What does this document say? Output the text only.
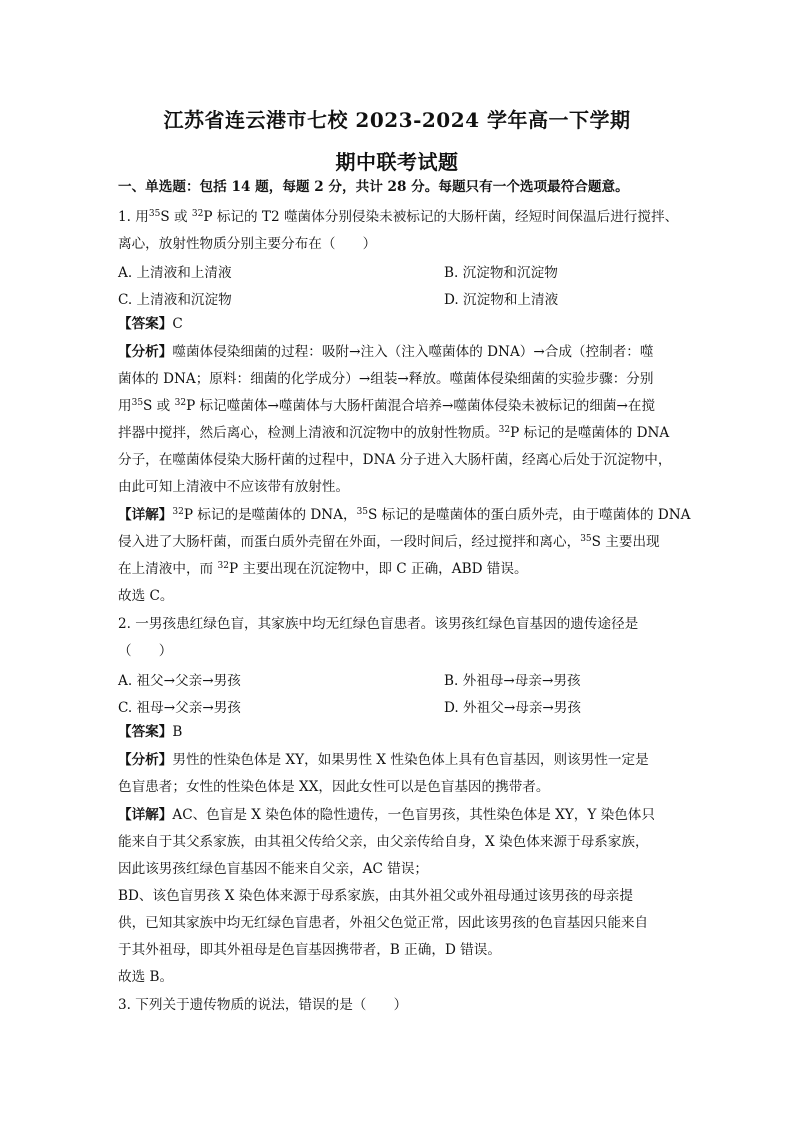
江苏省连云港市七校 2023-2024 学年高一下学期
期中联考试题
一、单选题：包括 14 题，每题 2 分，共计 28 分。每题只有一个选项最符合题意。
1. 用$^{35}$S 或 $^{32}$P 标记的 T2 噬菌体分别侵染未被标记的大肠杆菌，经短时间保温后进行搅拌、
离心，放射性物质分别主要分布在（　　）
A. 上清液和上清液	B. 沉淀物和沉淀物
C. 上清液和沉淀物	D. 沉淀物和上清液
【答案】C
【分析】噬菌体侵染细菌的过程：吸附→注入（注入噬菌体的 DNA）→合成（控制者：噬
菌体的 DNA；原料：细菌的化学成分）→组装→释放。噬菌体侵染细菌的实验步骤：分别
用$^{35}$S 或 $^{32}$P 标记噬菌体→噬菌体与大肠杆菌混合培养→噬菌体侵染未被标记的细菌→在搅
拌器中搅拌，然后离心，检测上清液和沉淀物中的放射性物质。$^{32}$P 标记的是噬菌体的 DNA
分子，在噬菌体侵染大肠杆菌的过程中，DNA 分子进入大肠杆菌，经离心后处于沉淀物中，
由此可知上清液中不应该带有放射性。
【详解】$^{32}$P 标记的是噬菌体的 DNA，$^{35}$S 标记的是噬菌体的蛋白质外壳，由于噬菌体的 DNA
侵入进了大肠杆菌，而蛋白质外壳留在外面，一段时间后，经过搅拌和离心，$^{35}$S 主要出现
在上清液中，而 $^{32}$P 主要出现在沉淀物中，即 C 正确，ABD 错误。
故选 C。
2. 一男孩患红绿色盲，其家族中均无红绿色盲患者。该男孩红绿色盲基因的遗传途径是
（　　）
A. 祖父→父亲→男孩	B. 外祖母→母亲→男孩
C. 祖母→父亲→男孩	D. 外祖父→母亲→男孩
【答案】B
【分析】男性的性染色体是 XY，如果男性 X 性染色体上具有色盲基因，则该男性一定是
色盲患者；女性的性染色体是 XX，因此女性可以是色盲基因的携带者。
【详解】AC、色盲是 X 染色体的隐性遗传，一色盲男孩，其性染色体是 XY，Y 染色体只
能来自于其父系家族，由其祖父传给父亲，由父亲传给自身，X 染色体来源于母系家族，
因此该男孩红绿色盲基因不能来自父亲，AC 错误；
BD、该色盲男孩 X 染色体来源于母系家族，由其外祖父或外祖母通过该男孩的母亲提
供，已知其家族中均无红绿色盲患者，外祖父色觉正常，因此该男孩的色盲基因只能来自
于其外祖母，即其外祖母是色盲基因携带者，B 正确，D 错误。
故选 B。
3. 下列关于遗传物质的说法，错误的是（　　）
